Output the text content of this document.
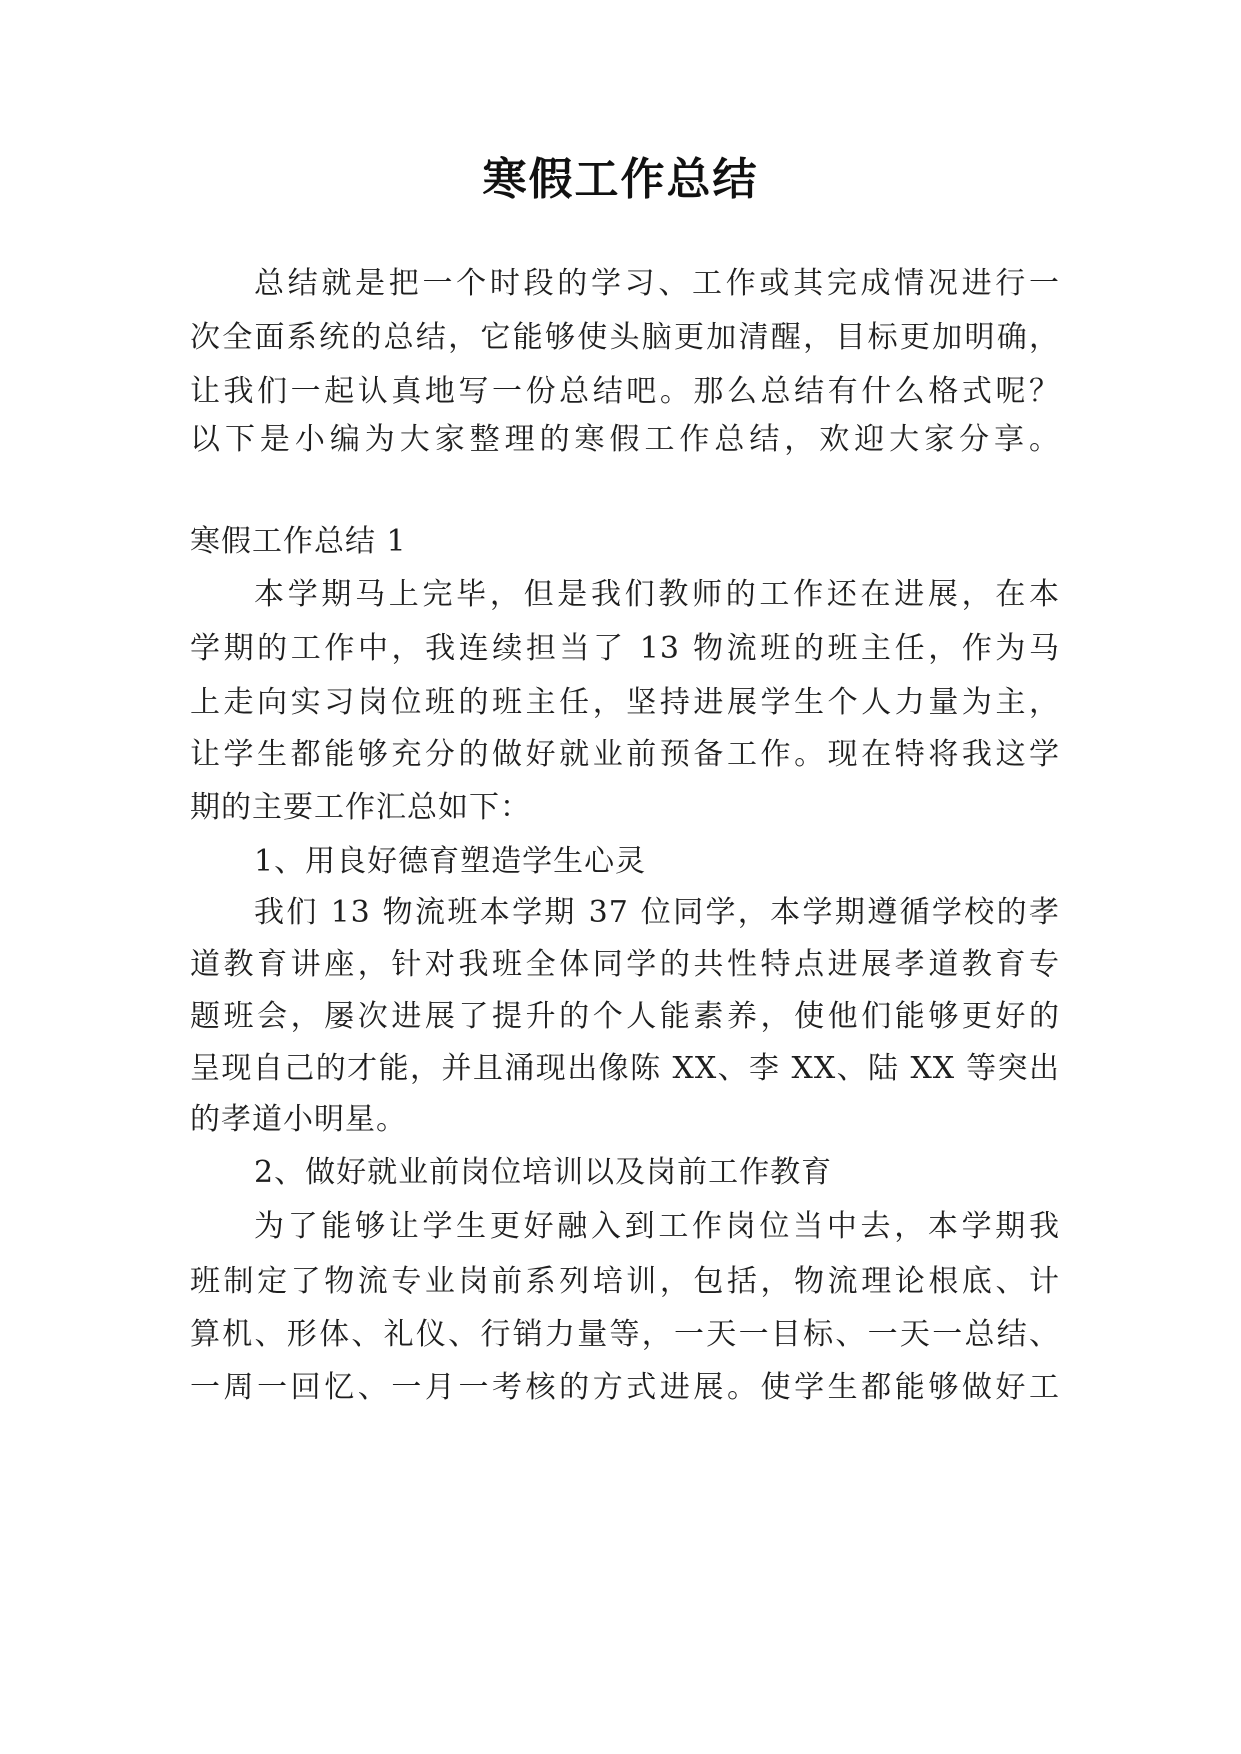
寒假工作总结
总结就是把一个时段的学习、工作或其完成情况进行一
次全面系统的总结，它能够使头脑更加清醒，目标更加明确，
让我们一起认真地写一份总结吧。那么总结有什么格式呢？
以下是小编为大家整理的寒假工作总结，欢迎大家分享。
寒假工作总结 1
本学期马上完毕，但是我们教师的工作还在进展，在本
学期的工作中，我连续担当了 13 物流班的班主任，作为马
上走向实习岗位班的班主任，坚持进展学生个人力量为主，
让学生都能够充分的做好就业前预备工作。现在特将我这学
期的主要工作汇总如下：
1、用良好德育塑造学生心灵
我们 13 物流班本学期 37 位同学，本学期遵循学校的孝
道教育讲座，针对我班全体同学的共性特点进展孝道教育专
题班会，屡次进展了提升的个人能素养，使他们能够更好的
呈现自己的才能，并且涌现出像陈 XX、李 XX、陆 XX 等突出
的孝道小明星。
2、做好就业前岗位培训以及岗前工作教育
为了能够让学生更好融入到工作岗位当中去，本学期我
班制定了物流专业岗前系列培训，包括，物流理论根底、计
算机、形体、礼仪、行销力量等，一天一目标、一天一总结、
一周一回忆、一月一考核的方式进展。使学生都能够做好工
